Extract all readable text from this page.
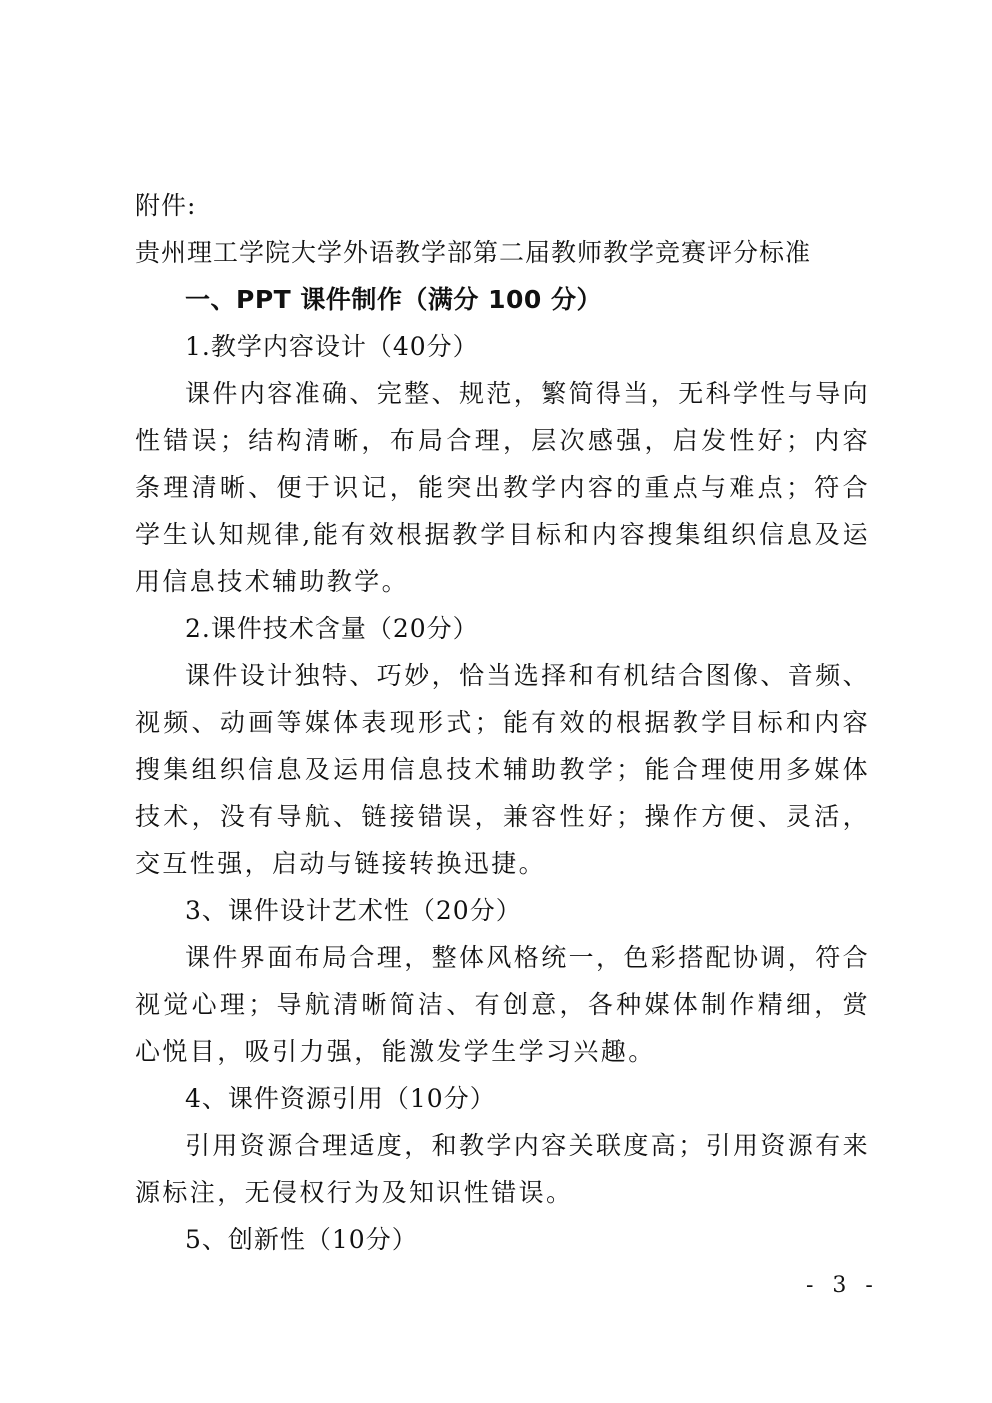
附件:
贵州理工学院大学外语教学部第二届教师教学竞赛评分标准
一、PPT 课件制作（满分 100 分）
1.教学内容设计（40分）

课件内容准确、完整、规范，繁简得当，无科学性与导向性错误；结构清晰，布局合理，层次感强，启发性好；内容条理清晰、便于识记，能突出教学内容的重点与难点；符合学生认知规律,能有效根据教学目标和内容搜集组织信息及运用信息技术辅助教学。

2.课件技术含量（20分）

课件设计独特、巧妙，恰当选择和有机结合图像、音频、视频、动画等媒体表现形式；能有效的根据教学目标和内容搜集组织信息及运用信息技术辅助教学；能合理使用多媒体技术，没有导航、链接错误，兼容性好；操作方便、灵活，交互性强，启动与链接转换迅捷。

3、课件设计艺术性（20分）

课件界面布局合理，整体风格统一，色彩搭配协调，符合视觉心理；导航清晰简洁、有创意，各种媒体制作精细，赏心悦目，吸引力强，能激发学生学习兴趣。

4、课件资源引用（10分）

引用资源合理适度，和教学内容关联度高；引用资源有来源标注，无侵权行为及知识性错误。

5、创新性（10分）
- 3 -
